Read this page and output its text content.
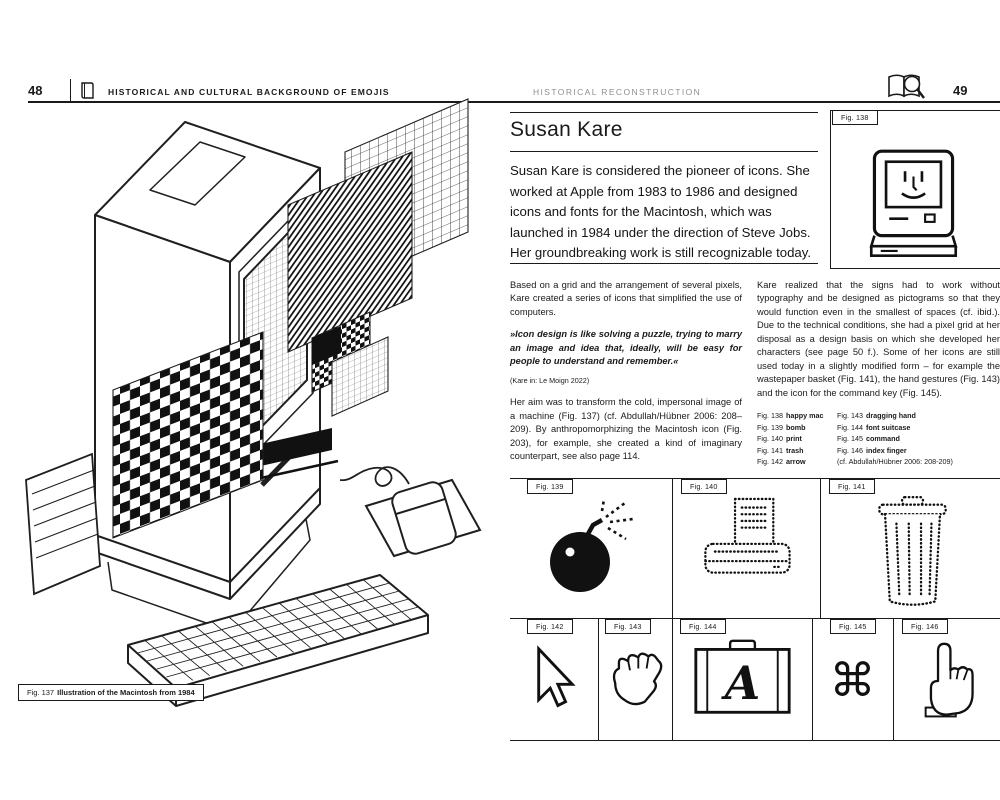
48	HISTORICAL AND CULTURAL BACKGROUND OF EMOJIS	HISTORICAL RECONSTRUCTION	49
Fig. 137 Illustration of the Macintosh from 1984
Susan Kare

Susan Kare is considered the pioneer of icons. She worked at Apple from 1983 to 1986 and designed icons and fonts for the Macintosh, which was launched in 1984 under the direction of Steve Jobs. Her groundbreaking work is still recognizable today.

Based on a grid and the arrangement of several pixels, Kare created a series of icons that simplified the use of computers.

»Icon design is like solving a puzzle, trying to marry an image and idea that, ideally, will be easy for people to understand and remember.«

(Kare in: Le Moign 2022)

Her aim was to transform the cold, impersonal image of a machine (Fig. 137) (cf. Abdullah/Hübner 2006: 208–209). By anthropomorphizing the Macintosh icon (Fig. 203), for example, she created a kind of imaginary counterpart, see also page 114.

Kare realized that the signs had to work without typography and be designed as pictograms so that they would function even in the smallest of spaces (cf. ibid.). Due to the technical conditions, she had a pixel grid at her disposal as a design basis on which she developed her characters (see page 50 f.). Some of her icons are still used today in a slightly modified form – for example the wastepaper basket (Fig. 141), the hand gestures (Fig. 143) and the icon for the command key (Fig. 145).

Fig. 138 happy mac
Fig. 139 bomb
Fig. 140 print
Fig. 141 trash
Fig. 142 arrow
Fig. 143 dragging hand
Fig. 144 font suitcase
Fig. 145 command
Fig. 146 index finger
(cf. Abdullah/Hübner 2006: 208-209)
Fig. 138
Fig. 139	Fig. 140	Fig. 141
Fig. 142	Fig. 143	Fig. 144	Fig. 145	Fig. 146
A	⌘
